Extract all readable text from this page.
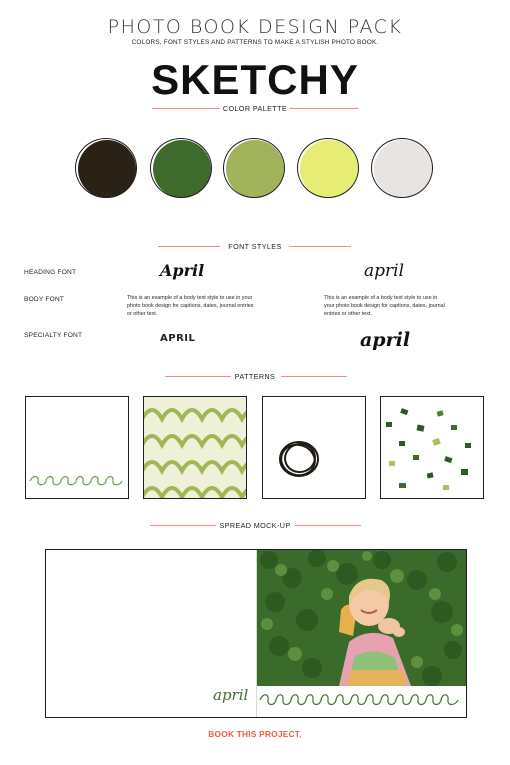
PHOTO BOOK DESIGN PACK
COLORS, FONT STYLES AND PATTERNS TO MAKE A STYLISH PHOTO BOOK.
SKETCHY
COLOR PALETTE
FONT STYLES
HEADING FONT
BODY FONT
SPECIALTY FONT
April	april
This is an example of a body text style to use in your photo book design for captions, dates, journal entries or other text.
This is an example of a body text style to use in your photo book design for captions, dates, journal entries or other text.
APRIL	april
PATTERNS
SPREAD MOCK-UP
april
BOOK THIS PROJECT.
